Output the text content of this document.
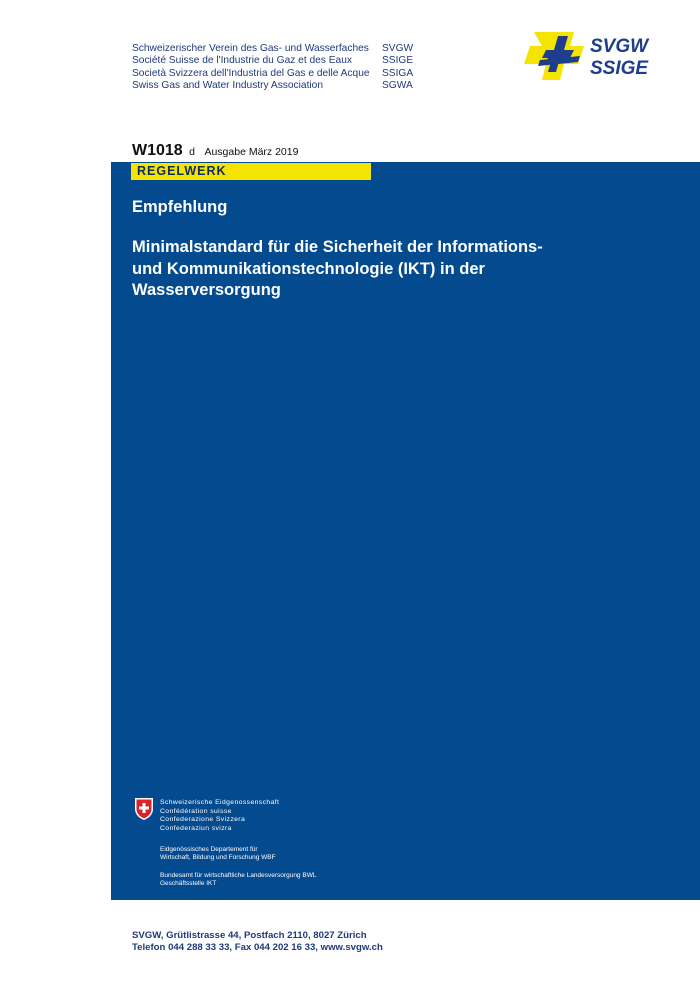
Schweizerischer Verein des Gas- und Wasserfaches	SVGW
Société Suisse de l'Industrie du Gaz et des Eaux	SSIGE
Società Svizzera dell'Industria del Gas e delle Acque	SSIGA
Swiss Gas and Water Industry Association	SGWA
SVGW
SSIGE
W1018 d Ausgabe März 2019
REGELWERK
Empfehlung
Minimalstandard für die Sicherheit der Informations-
und Kommunikationstechnologie (IKT) in der
Wasserversorgung
Schweizerische Eidgenossenschaft
Confédération suisse
Confederazione Svizzera
Confederaziun svizra
Eidgenössisches Departement für
Wirtschaft, Bildung und Forschung WBF
Bundesamt für wirtschaftliche Landesversorgung BWL
Geschäftsstelle IKT
SVGW, Grütlistrasse 44, Postfach 2110, 8027 Zürich
Telefon 044 288 33 33, Fax 044 202 16 33, www.svgw.ch
